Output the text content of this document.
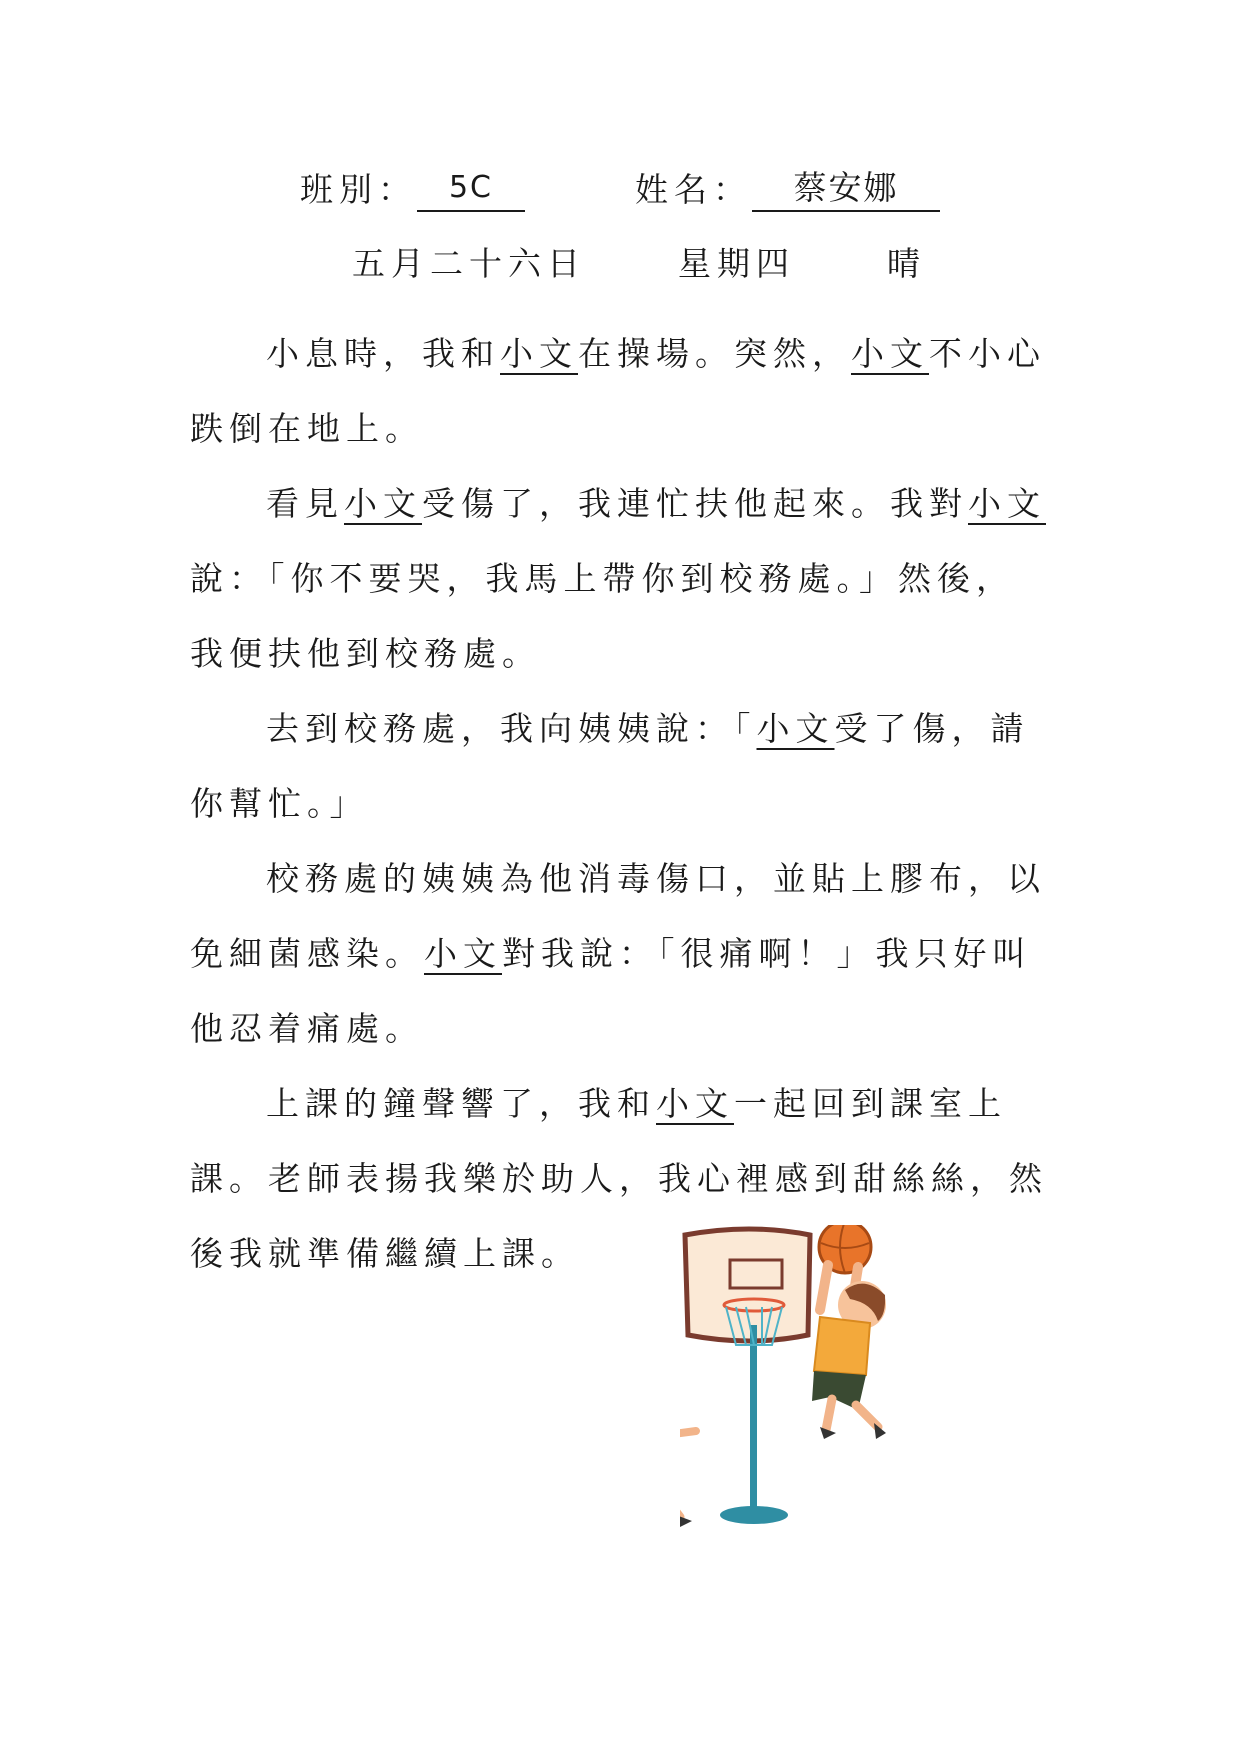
班別：	5C	姓名：	蔡安娜
五月二十六日	星期四	晴

小息時，我和小文在操場。突然，小文不小心跌倒在地上。

看見小文受傷了，我連忙扶他起來。我對小文說：「你不要哭，我馬上帶你到校務處。」然後，我便扶他到校務處。

去到校務處，我向姨姨說：「小文受了傷，請你幫忙。」

校務處的姨姨為他消毒傷口，並貼上膠布，以免細菌感染。小文對我說：「很痛啊！」我只好叫他忍着痛處。

上課的鐘聲響了，我和小文一起回到課室上課。老師表揚我樂於助人，我心裡感到甜絲絲，然後我就準備繼續上課。
